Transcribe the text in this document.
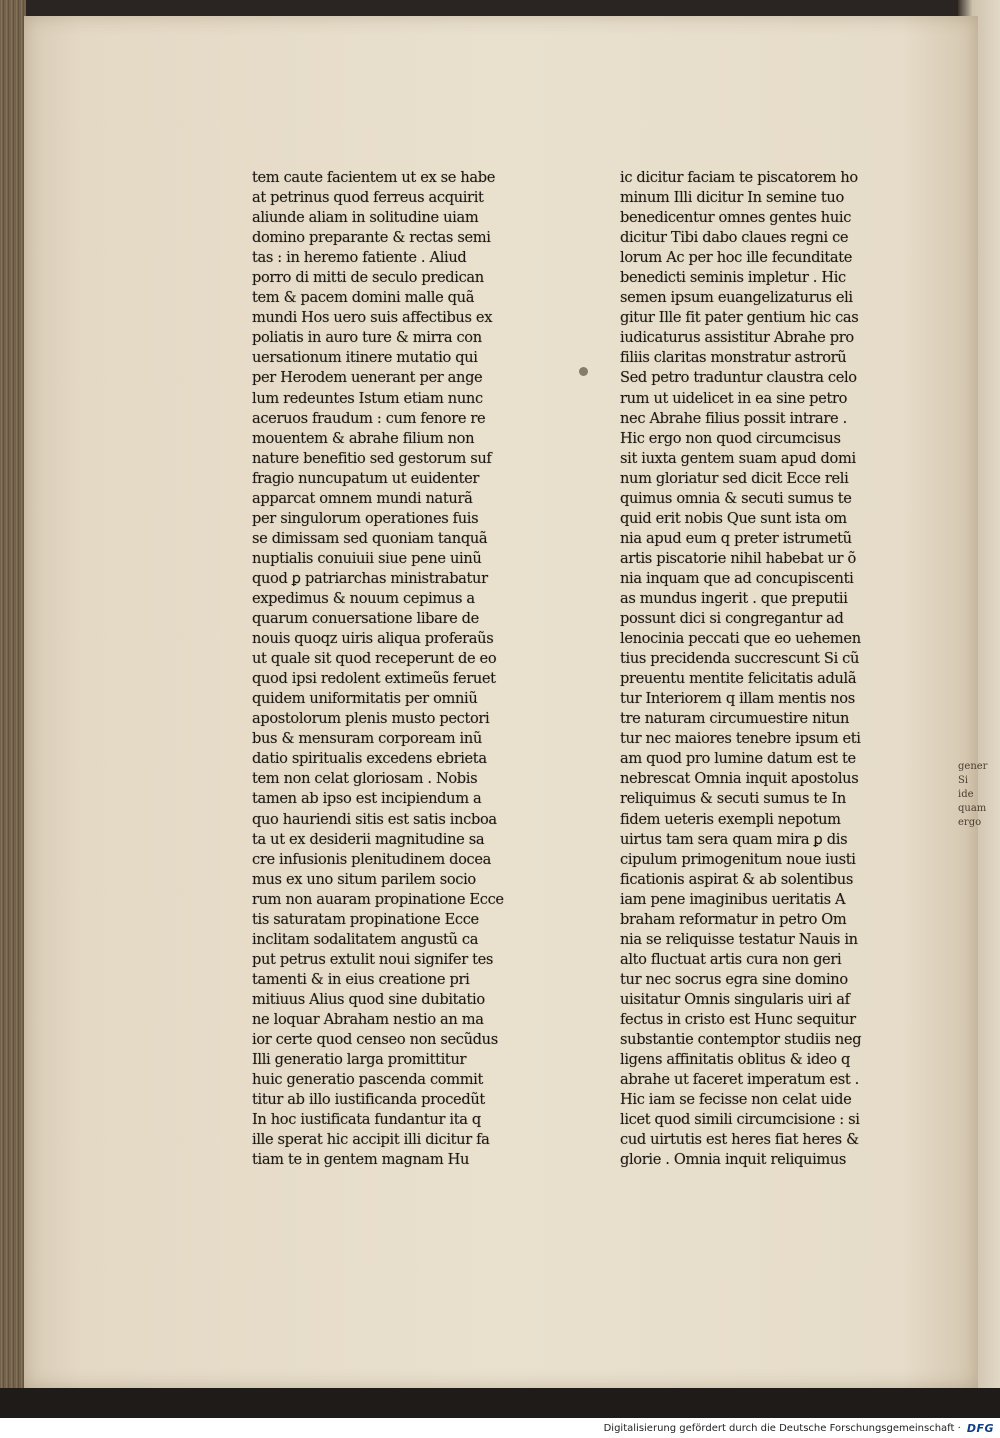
tem caute facientem ut ex se habe
at petrinus quod ferreus acquirit
aliunde aliam in solitudine uiam
domino preparante & rectas semi
tas : in heremo fatiente . Aliud
porro di mitti de seculo predican
tem & pacem domini malle quã
mundi Hos uero suis affectibus ex
poliatis in auro ture & mirra con
uersationum itinere mutatio qui
per Herodem uenerant per ange
lum redeuntes Istum etiam nunc
aceruos fraudum : cum fenore re
mouentem & abrahe filium non
nature benefitio sed gestorum suf
fragio nuncupatum ut euidenter
apparcat omnem mundi naturã
per singulorum operationes fuis
se dimissam sed quoniam tanquã
nuptialis conuiuii siue pene uinũ
quod ꝑ patriarchas ministrabatur
expedimus & nouum cepimus a
quarum conuersatione libare de
nouis quoqz uiris aliqua proferaũs
ut quale sit quod receperunt de eo
quod ipsi redolent extimeũs feruet
quidem uniformitatis per omniũ
apostolorum plenis musto pectori
bus & mensuram corpoream inũ
datio spiritualis excedens ebrieta
tem non celat gloriosam . Nobis
tamen ab ipso est incipiendum a
quo hauriendi sitis est satis incboa
ta ut ex desiderii magnitudine sa
cre infusionis plenitudinem docea
mus ex uno situm parilem socio
rum non auaram propinatione Ecce
tis saturatam propinatione Ecce
inclitam sodalitatem angustũ ca
put petrus extulit noui signifer tes
tamenti & in eius creatione pri
mitiuus Alius quod sine dubitatio
ne loquar Abraham nestio an ma
ior certe quod censeo non secũdus
Illi generatio larga promittitur
huic generatio pascenda commit
titur ab illo iustificanda procedũt
In hoc iustificata fundantur ita q
ille sperat hic accipit illi dicitur fa
tiam te in gentem magnam Hu
ic dicitur faciam te piscatorem ho
minum Illi dicitur In semine tuo
benedicentur omnes gentes huic
dicitur Tibi dabo claues regni ce
lorum Ac per hoc ille fecunditate
benedicti seminis impletur . Hic
semen ipsum euangelizaturus eli
gitur Ille fit pater gentium hic cas
iudicaturus assistitur Abrahe pro
filiis claritas monstratur astrorũ
Sed petro traduntur claustra celo
rum ut uidelicet in ea sine petro
nec Abrahe filius possit intrare .
Hic ergo non quod circumcisus
sit iuxta gentem suam apud domi
num gloriatur sed dicit Ecce reli
quimus omnia & secuti sumus te
quid erit nobis Que sunt ista om
nia apud eum q preter istrumetũ
artis piscatorie nihil habebat ur õ
nia inquam que ad concupiscenti
as mundus ingerit . que preputii
possunt dici si congregantur ad
lenocinia peccati que eo uehemen
tius precidenda succrescunt Si cũ
preuentu mentite felicitatis adulã
tur Interiorem q illam mentis nos
tre naturam circumuestire nitun
tur nec maiores tenebre ipsum eti
am quod pro lumine datum est te
nebrescat Omnia inquit apostolus
reliquimus & secuti sumus te In
fidem ueteris exempli nepotum
uirtus tam sera quam mira ꝑ dis
cipulum primogenitum noue iusti
ficationis aspirat & ab solentibus
iam pene imaginibus ueritatis A
braham reformatur in petro Om
nia se reliquisse testatur Nauis in
alto fluctuat artis cura non geri
tur nec socrus egra sine domino
uisitatur Omnis singularis uiri af
fectus in cristo est Hunc sequitur
substantie contemptor studiis neg
ligens affinitatis oblitus & ideo q
abrahe ut faceret imperatum est .
Hic iam se fecisse non celat uide
licet quod simili circumcisione : si
cud uirtutis est heres fiat heres &
glorie . Omnia inquit reliquimus
gener
Si
ide
quam
ergo
Digitalisierung gefördert durch die Deutsche Forschungsgemeinschaft · DFG
